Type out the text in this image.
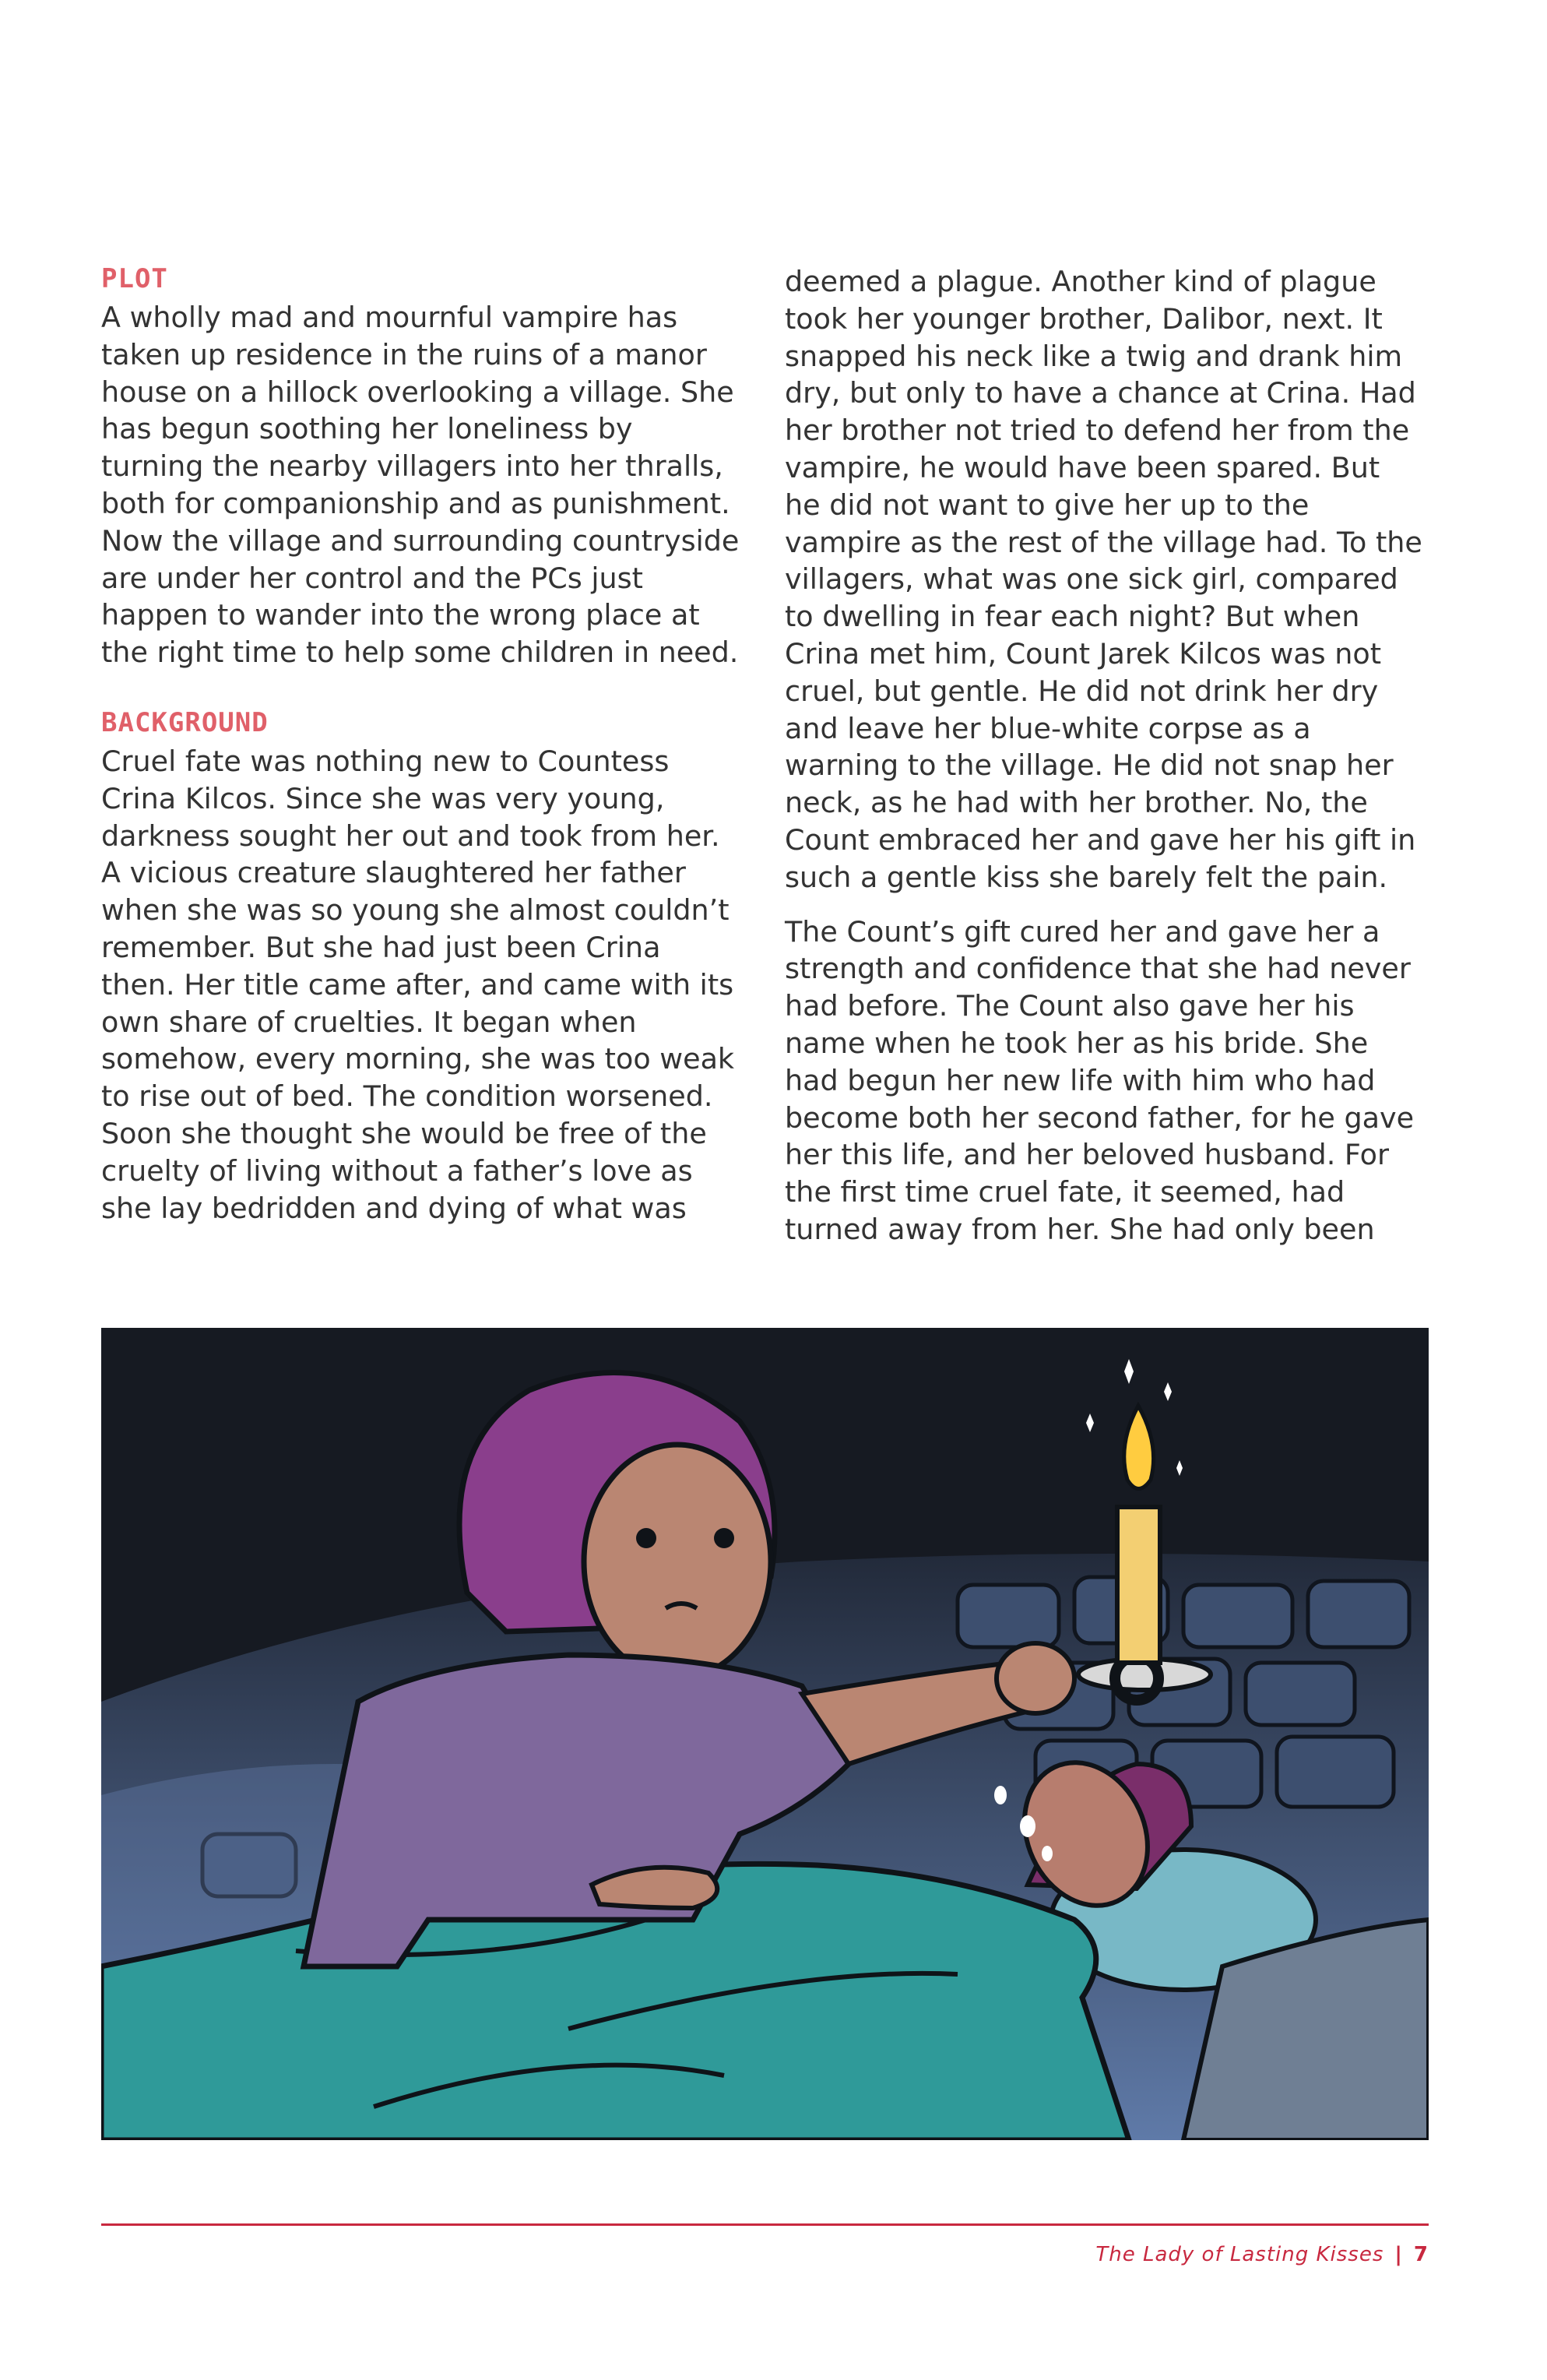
PLOT

A wholly mad and mournful vampire has taken up residence in the ruins of a manor house on a hillock overlooking a village. She has begun soothing her loneliness by turning the nearby villagers into her thralls, both for companionship and as punishment. Now the village and surrounding countryside are under her control and the PCs just happen to wander into the wrong place at the right time to help some children in need.

BACKGROUND

Cruel fate was nothing new to Countess Crina Kilcos. Since she was very young, darkness sought her out and took from her. A vicious creature slaughtered her father when she was so young she almost couldn’t remember. But she had just been Crina then. Her title came after, and came with its own share of cruelties. It began when somehow, every morning, she was too weak to rise out of bed. The condition worsened. Soon she thought she would be free of the cruelty of living without a father’s love as she lay bedridden and dying of what was

deemed a plague. Another kind of plague took her younger brother, Dalibor, next. It snapped his neck like a twig and drank him dry, but only to have a chance at Crina. Had her brother not tried to defend her from the vampire, he would have been spared. But he did not want to give her up to the vampire as the rest of the village had. To the villagers, what was one sick girl, compared to dwelling in fear each night? But when Crina met him, Count Jarek Kilcos was not cruel, but gentle. He did not drink her dry and leave her blue-white corpse as a warning to the village. He did not snap her neck, as he had with her brother. No, the Count embraced her and gave her his gift in such a gentle kiss she barely felt the pain.

The Count’s gift cured her and gave her a strength and confidence that she had never had before. The Count also gave her his name when he took her as his bride. She had begun her new life with him who had become both her second father, for he gave her this life, and her beloved husband. For the first time cruel fate, it seemed, had turned away from her. She had only been

The Lady of Lasting Kisses | 7
